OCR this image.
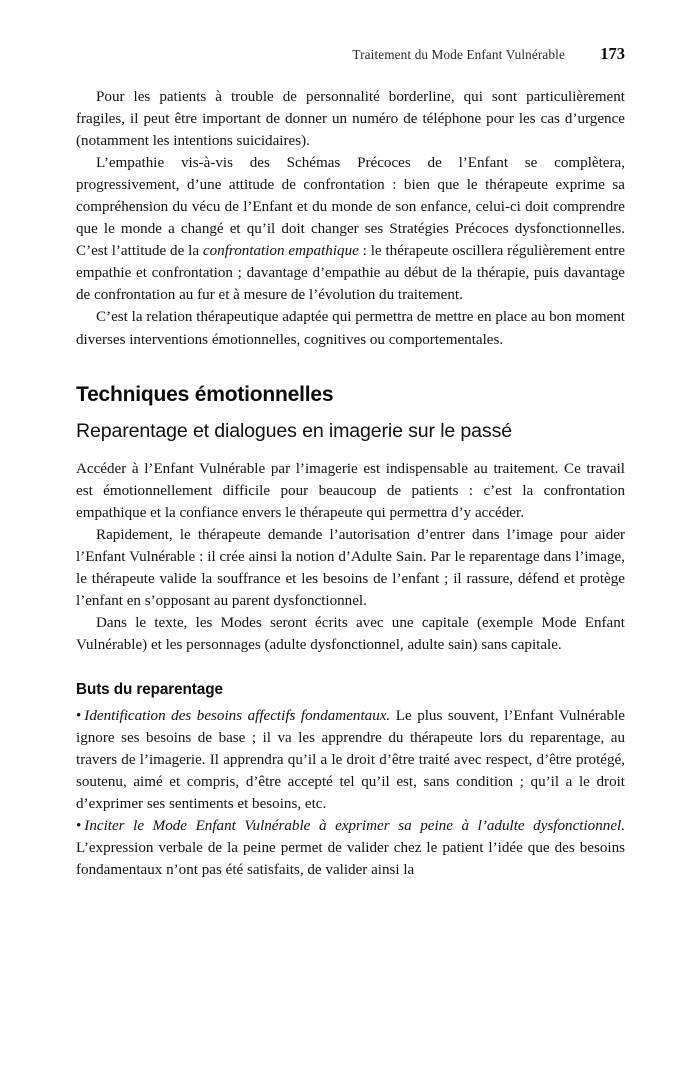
Traitement du Mode Enfant Vulnérable	173

Pour les patients à trouble de personnalité borderline, qui sont particulièrement fragiles, il peut être important de donner un numéro de téléphone pour les cas d’urgence (notamment les intentions suicidaires).

L’empathie vis-à-vis des Schémas Précoces de l’Enfant se complètera, progressivement, d’une attitude de confrontation : bien que le thérapeute exprime sa compréhension du vécu de l’Enfant et du monde de son enfance, celui-ci doit comprendre que le monde a changé et qu’il doit changer ses Stratégies Précoces dysfonctionnelles. C’est l’attitude de la confrontation empathique : le thérapeute oscillera régulièrement entre empathie et confrontation ; davantage d’empathie au début de la thérapie, puis davantage de confrontation au fur et à mesure de l’évolution du traitement.

C’est la relation thérapeutique adaptée qui permettra de mettre en place au bon moment diverses interventions émotionnelles, cognitives ou comportementales.

Techniques émotionnelles
Reparentage et dialogues en imagerie sur le passé

Accéder à l’Enfant Vulnérable par l’imagerie est indispensable au traitement. Ce travail est émotionnellement difficile pour beaucoup de patients : c’est la confrontation empathique et la confiance envers le thérapeute qui permettra d’y accéder.

Rapidement, le thérapeute demande l’autorisation d’entrer dans l’image pour aider l’Enfant Vulnérable : il crée ainsi la notion d’Adulte Sain. Par le reparentage dans l’image, le thérapeute valide la souffrance et les besoins de l’enfant ; il rassure, défend et protège l’enfant en s’opposant au parent dysfonctionnel.

Dans le texte, les Modes seront écrits avec une capitale (exemple Mode Enfant Vulnérable) et les personnages (adulte dysfonctionnel, adulte sain) sans capitale.

Buts du reparentage

• Identification des besoins affectifs fondamentaux. Le plus souvent, l’Enfant Vulnérable ignore ses besoins de base ; il va les apprendre du thérapeute lors du reparentage, au travers de l’imagerie. Il apprendra qu’il a le droit d’être traité avec respect, d’être protégé, soutenu, aimé et compris, d’être accepté tel qu’il est, sans condition ; qu’il a le droit d’exprimer ses sentiments et besoins, etc.

• Inciter le Mode Enfant Vulnérable à exprimer sa peine à l’adulte dysfonctionnel. L’expression verbale de la peine permet de valider chez le patient l’idée que des besoins fondamentaux n’ont pas été satisfaits, de valider ainsi la
